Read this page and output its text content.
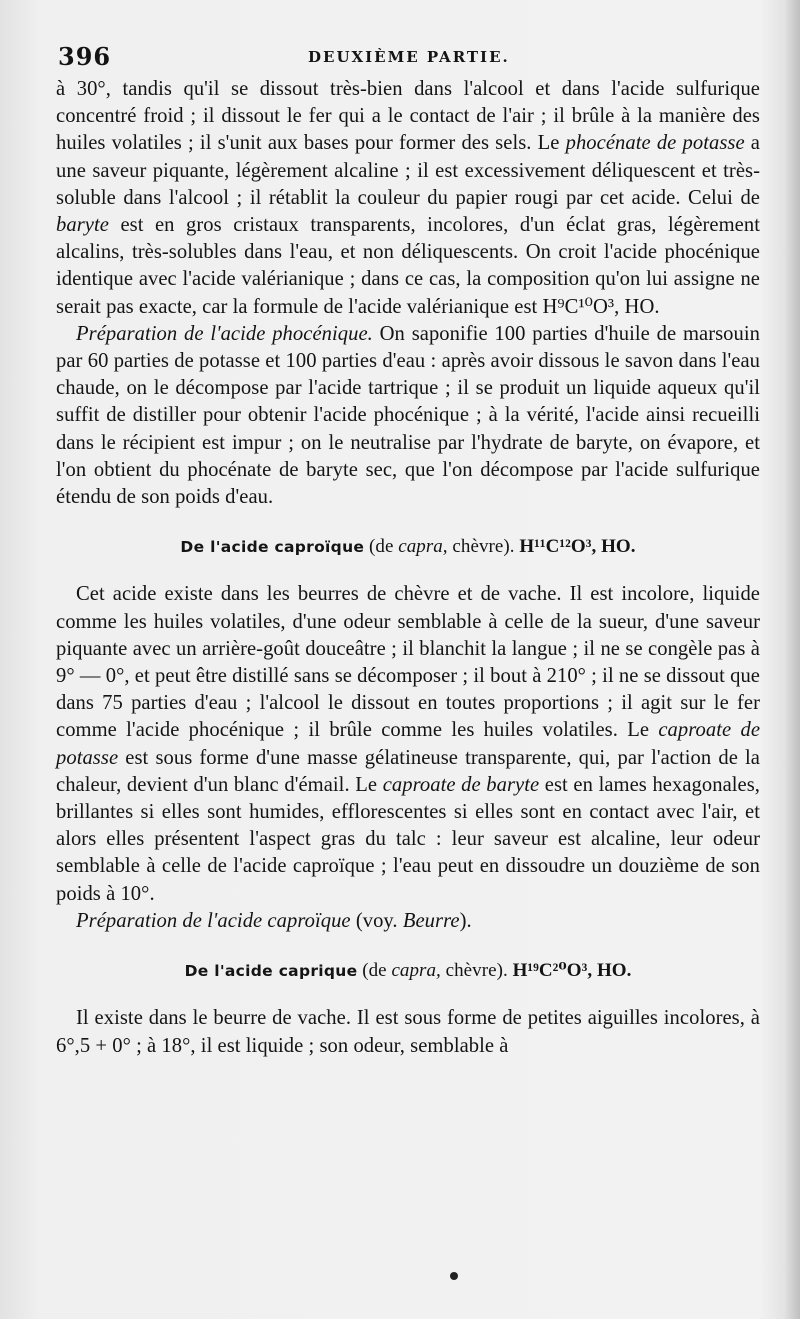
396	DEUXIÈME PARTIE.

à 30°, tandis qu'il se dissout très-bien dans l'alcool et dans l'acide sulfurique concentré froid ; il dissout le fer qui a le contact de l'air ; il brûle à la manière des huiles volatiles ; il s'unit aux bases pour former des sels. Le phocénate de potasse a une saveur piquante, légèrement alcaline ; il est excessivement déliquescent et très-soluble dans l'alcool ; il rétablit la couleur du papier rougi par cet acide. Celui de baryte est en gros cristaux transparents, incolores, d'un éclat gras, légèrement alcalins, très-solubles dans l'eau, et non déliquescents. On croit l'acide phocénique identique avec l'acide valérianique ; dans ce cas, la composition qu'on lui assigne ne serait pas exacte, car la formule de l'acide valérianique est H⁹C¹⁰O³, HO.

Préparation de l'acide phocénique. On saponifie 100 parties d'huile de marsouin par 60 parties de potasse et 100 parties d'eau : après avoir dissous le savon dans l'eau chaude, on le décompose par l'acide tartrique ; il se produit un liquide aqueux qu'il suffit de distiller pour obtenir l'acide phocénique ; à la vérité, l'acide ainsi recueilli dans le récipient est impur ; on le neutralise par l'hydrate de baryte, on évapore, et l'on obtient du phocénate de baryte sec, que l'on décompose par l'acide sulfurique étendu de son poids d'eau.

De l'acide caproïque (de capra, chèvre). H¹¹C¹²O³, HO.

Cet acide existe dans les beurres de chèvre et de vache. Il est incolore, liquide comme les huiles volatiles, d'une odeur semblable à celle de la sueur, d'une saveur piquante avec un arrière-goût douceâtre ; il blanchit la langue ; il ne se congèle pas à 9° — 0°, et peut être distillé sans se décomposer ; il bout à 210° ; il ne se dissout que dans 75 parties d'eau ; l'alcool le dissout en toutes proportions ; il agit sur le fer comme l'acide phocénique ; il brûle comme les huiles volatiles. Le caproate de potasse est sous forme d'une masse gélatineuse transparente, qui, par l'action de la chaleur, devient d'un blanc d'émail. Le caproate de baryte est en lames hexagonales, brillantes si elles sont humides, efflorescentes si elles sont en contact avec l'air, et alors elles présentent l'aspect gras du talc : leur saveur est alcaline, leur odeur semblable à celle de l'acide caproïque ; l'eau peut en dissoudre un douzième de son poids à 10°.

Préparation de l'acide caproïque (voy. Beurre).

De l'acide caprique (de capra, chèvre). H¹⁹C²⁰O³, HO.

Il existe dans le beurre de vache. Il est sous forme de petites aiguilles incolores, à 6°,5 + 0° ; à 18°, il est liquide ; son odeur, semblable à
